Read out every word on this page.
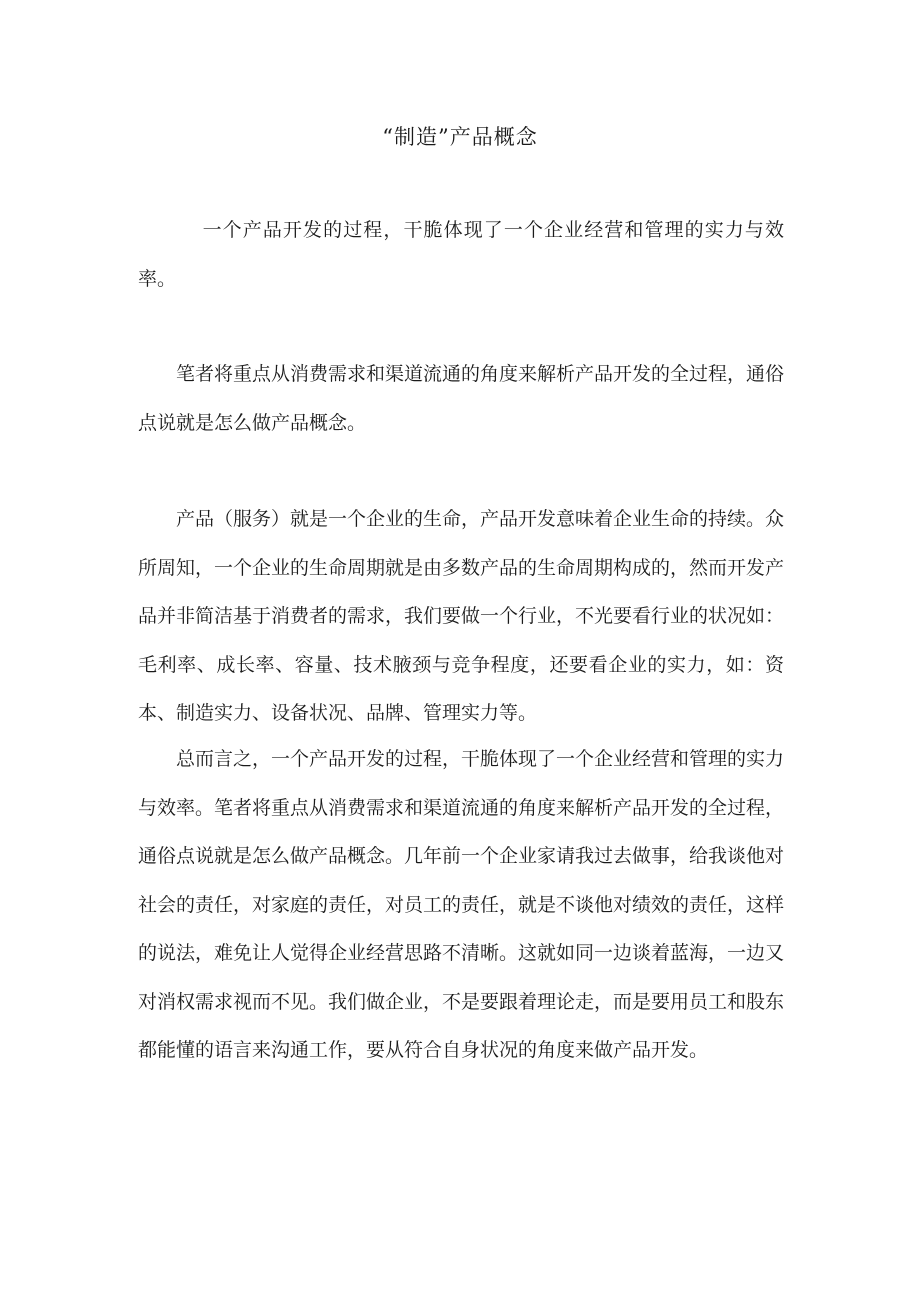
“制造”产品概念

一个产品开发的过程，干脆体现了一个企业经营和管理的实力与效率。

笔者将重点从消费需求和渠道流通的角度来解析产品开发的全过程，通俗点说就是怎么做产品概念。

产品（服务）就是一个企业的生命，产品开发意味着企业生命的持续。众所周知，一个企业的生命周期就是由多数产品的生命周期构成的，然而开发产品并非简洁基于消费者的需求，我们要做一个行业，不光要看行业的状况如：毛利率、成长率、容量、技术腋颈与竞争程度，还要看企业的实力，如：资本、制造实力、设备状况、品牌、管理实力等。

总而言之，一个产品开发的过程，干脆体现了一个企业经营和管理的实力与效率。笔者将重点从消费需求和渠道流通的角度来解析产品开发的全过程，通俗点说就是怎么做产品概念。几年前一个企业家请我过去做事，给我谈他对社会的责任，对家庭的责任，对员工的责任，就是不谈他对绩效的责任，这样的说法，难免让人觉得企业经营思路不清晰。这就如同一边谈着蓝海，一边又对消权需求视而不见。我们做企业，不是要跟着理论走，而是要用员工和股东都能懂的语言来沟通工作，要从符合自身状况的角度来做产品开发。
